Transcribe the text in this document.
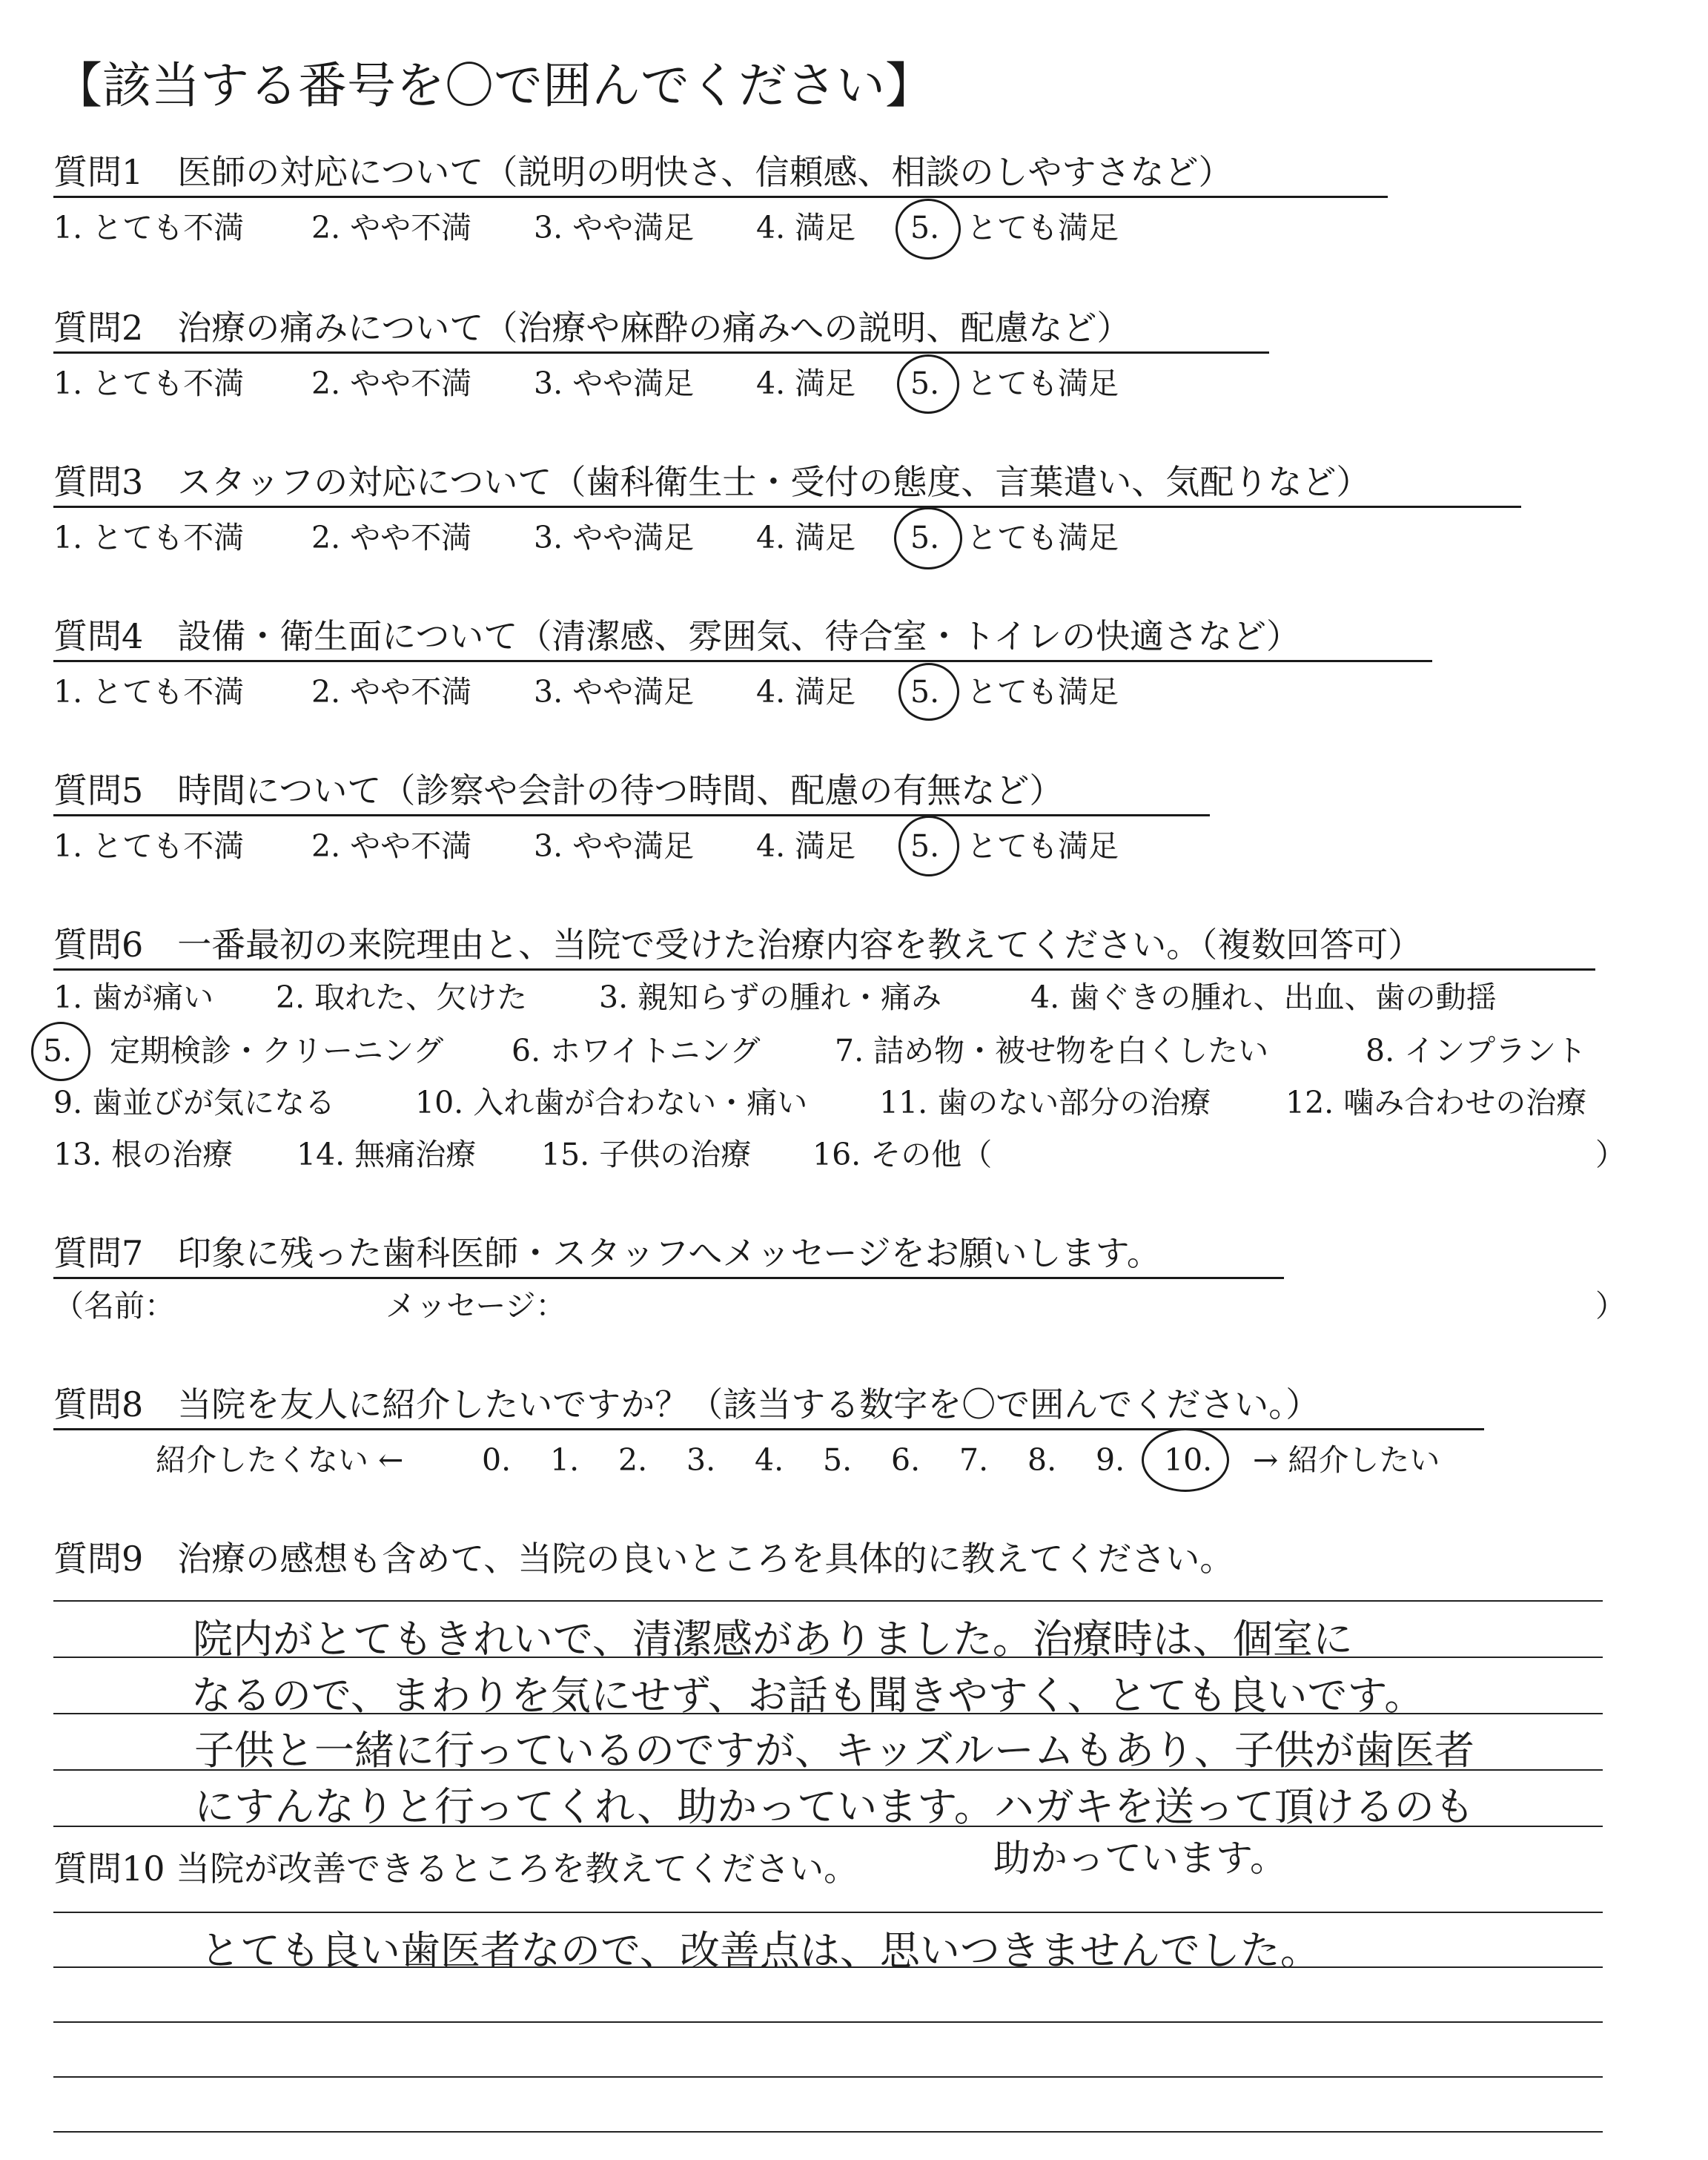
【該当する番号を〇で囲んでください】
質問1　医師の対応について（説明の明快さ、信頼感、相談のしやすさなど）
1. とても不満 2. やや不満 3. やや満足 4. 満足 5. とても満足
質問2　治療の痛みについて（治療や麻酔の痛みへの説明、配慮など）
1. とても不満 2. やや不満 3. やや満足 4. 満足 5. とても満足
質問3　スタッフの対応について（歯科衛生士・受付の態度、言葉遣い、気配りなど）
1. とても不満 2. やや不満 3. やや満足 4. 満足 5. とても満足
質問4　設備・衛生面について（清潔感、雰囲気、待合室・トイレの快適さなど）
1. とても不満 2. やや不満 3. やや満足 4. 満足 5. とても満足
質問5　時間について（診察や会計の待つ時間、配慮の有無など）
1. とても不満 2. やや不満 3. やや満足 4. 満足 5. とても満足
質問6　一番最初の来院理由と、当院で受けた治療内容を教えてください。（複数回答可）
1. 歯が痛い 2. 取れた、欠けた 3. 親知らずの腫れ・痛み	4. 歯ぐきの腫れ、出血、歯の動揺
5. 定期検診・クリーニング 6. ホワイトニング 7. 詰め物・被せ物を白くしたい	8. インプラント
9. 歯並びが気になる	10. 入れ歯が合わない・痛い 11. 歯のない部分の治療 12. 噛み合わせの治療
13. 根の治療 14. 無痛治療 15. 子供の治療 16. その他（	）
質問7　印象に残った歯科医師・スタッフへメッセージをお願いします。
（名前：	メッセージ：	）
質問8　当院を友人に紹介したいですか？（該当する数字を〇で囲んでください。）
紹介したくない ←	0. 1. 2. 3. 4. 5. 6. 7. 8. 9. 10. → 紹介したい
質問9　治療の感想も含めて、当院の良いところを具体的に教えてください。
院内がとてもきれいで、清潔感がありました。治療時は、個室に
なるので、まわりを気にせず、お話も聞きやすく、とても良いです。
子供と一緒に行っているのですが、キッズルームもあり、子供が歯医者
にすんなりと行ってくれ、助かっています。ハガキを送って頂けるのも
助かっています。
質問10 当院が改善できるところを教えてください。
とても良い歯医者なので、改善点は、思いつきませんでした。
